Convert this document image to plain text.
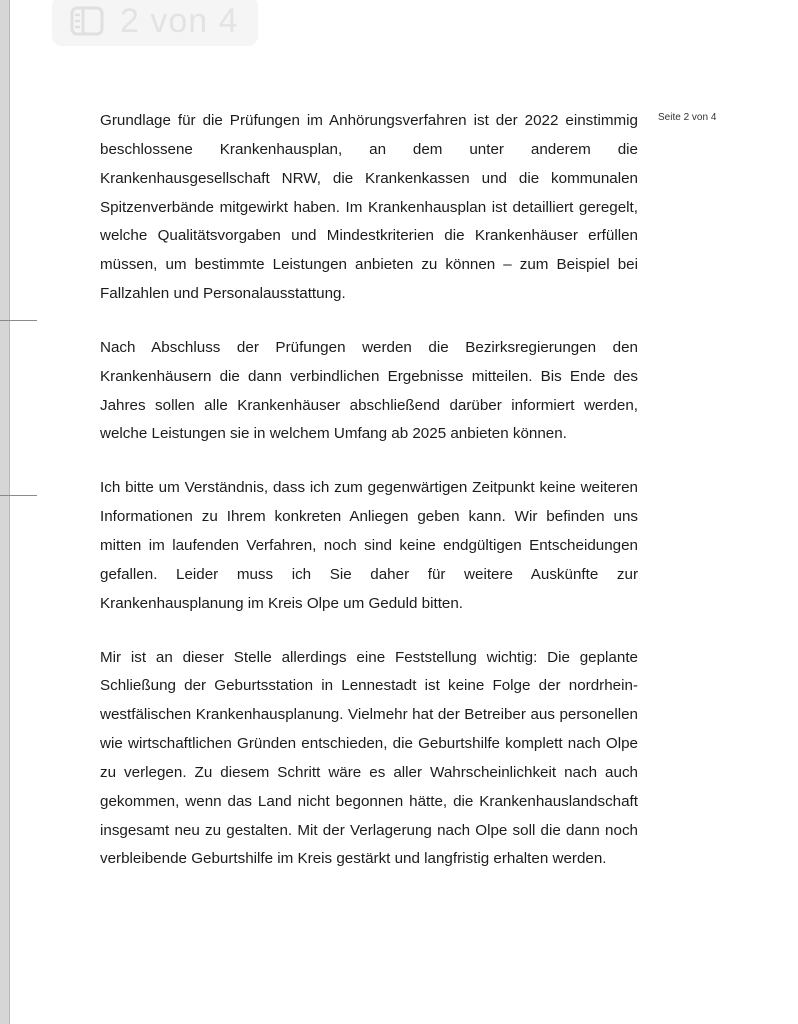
2 von 4
Seite 2 von 4

Grundlage für die Prüfungen im Anhörungsverfahren ist der 2022 einstimmig beschlossene Krankenhausplan, an dem unter anderem die Krankenhausgesellschaft NRW, die Krankenkassen und die kommunalen Spitzenverbände mitgewirkt haben. Im Krankenhausplan ist detailliert geregelt, welche Qualitätsvorgaben und Mindestkriterien die Krankenhäuser erfüllen müssen, um bestimmte Leistungen anbieten zu können – zum Beispiel bei Fallzahlen und Personalausstattung.

Nach Abschluss der Prüfungen werden die Bezirksregierungen den Krankenhäusern die dann verbindlichen Ergebnisse mitteilen. Bis Ende des Jahres sollen alle Krankenhäuser abschließend darüber informiert werden, welche Leistungen sie in welchem Umfang ab 2025 anbieten können.

Ich bitte um Verständnis, dass ich zum gegenwärtigen Zeitpunkt keine weiteren Informationen zu Ihrem konkreten Anliegen geben kann. Wir befinden uns mitten im laufenden Verfahren, noch sind keine endgültigen Entscheidungen gefallen. Leider muss ich Sie daher für weitere Auskünfte zur Krankenhausplanung im Kreis Olpe um Geduld bitten.

Mir ist an dieser Stelle allerdings eine Feststellung wichtig: Die geplante Schließung der Geburtsstation in Lennestadt ist keine Folge der nordrhein-westfälischen Krankenhausplanung. Vielmehr hat der Betreiber aus personellen wie wirtschaftlichen Gründen entschieden, die Geburtshilfe komplett nach Olpe zu verlegen. Zu diesem Schritt wäre es aller Wahrscheinlichkeit nach auch gekommen, wenn das Land nicht begonnen hätte, die Krankenhauslandschaft insgesamt neu zu gestalten. Mit der Verlagerung nach Olpe soll die dann noch verbleibende Geburtshilfe im Kreis gestärkt und langfristig erhalten werden.
